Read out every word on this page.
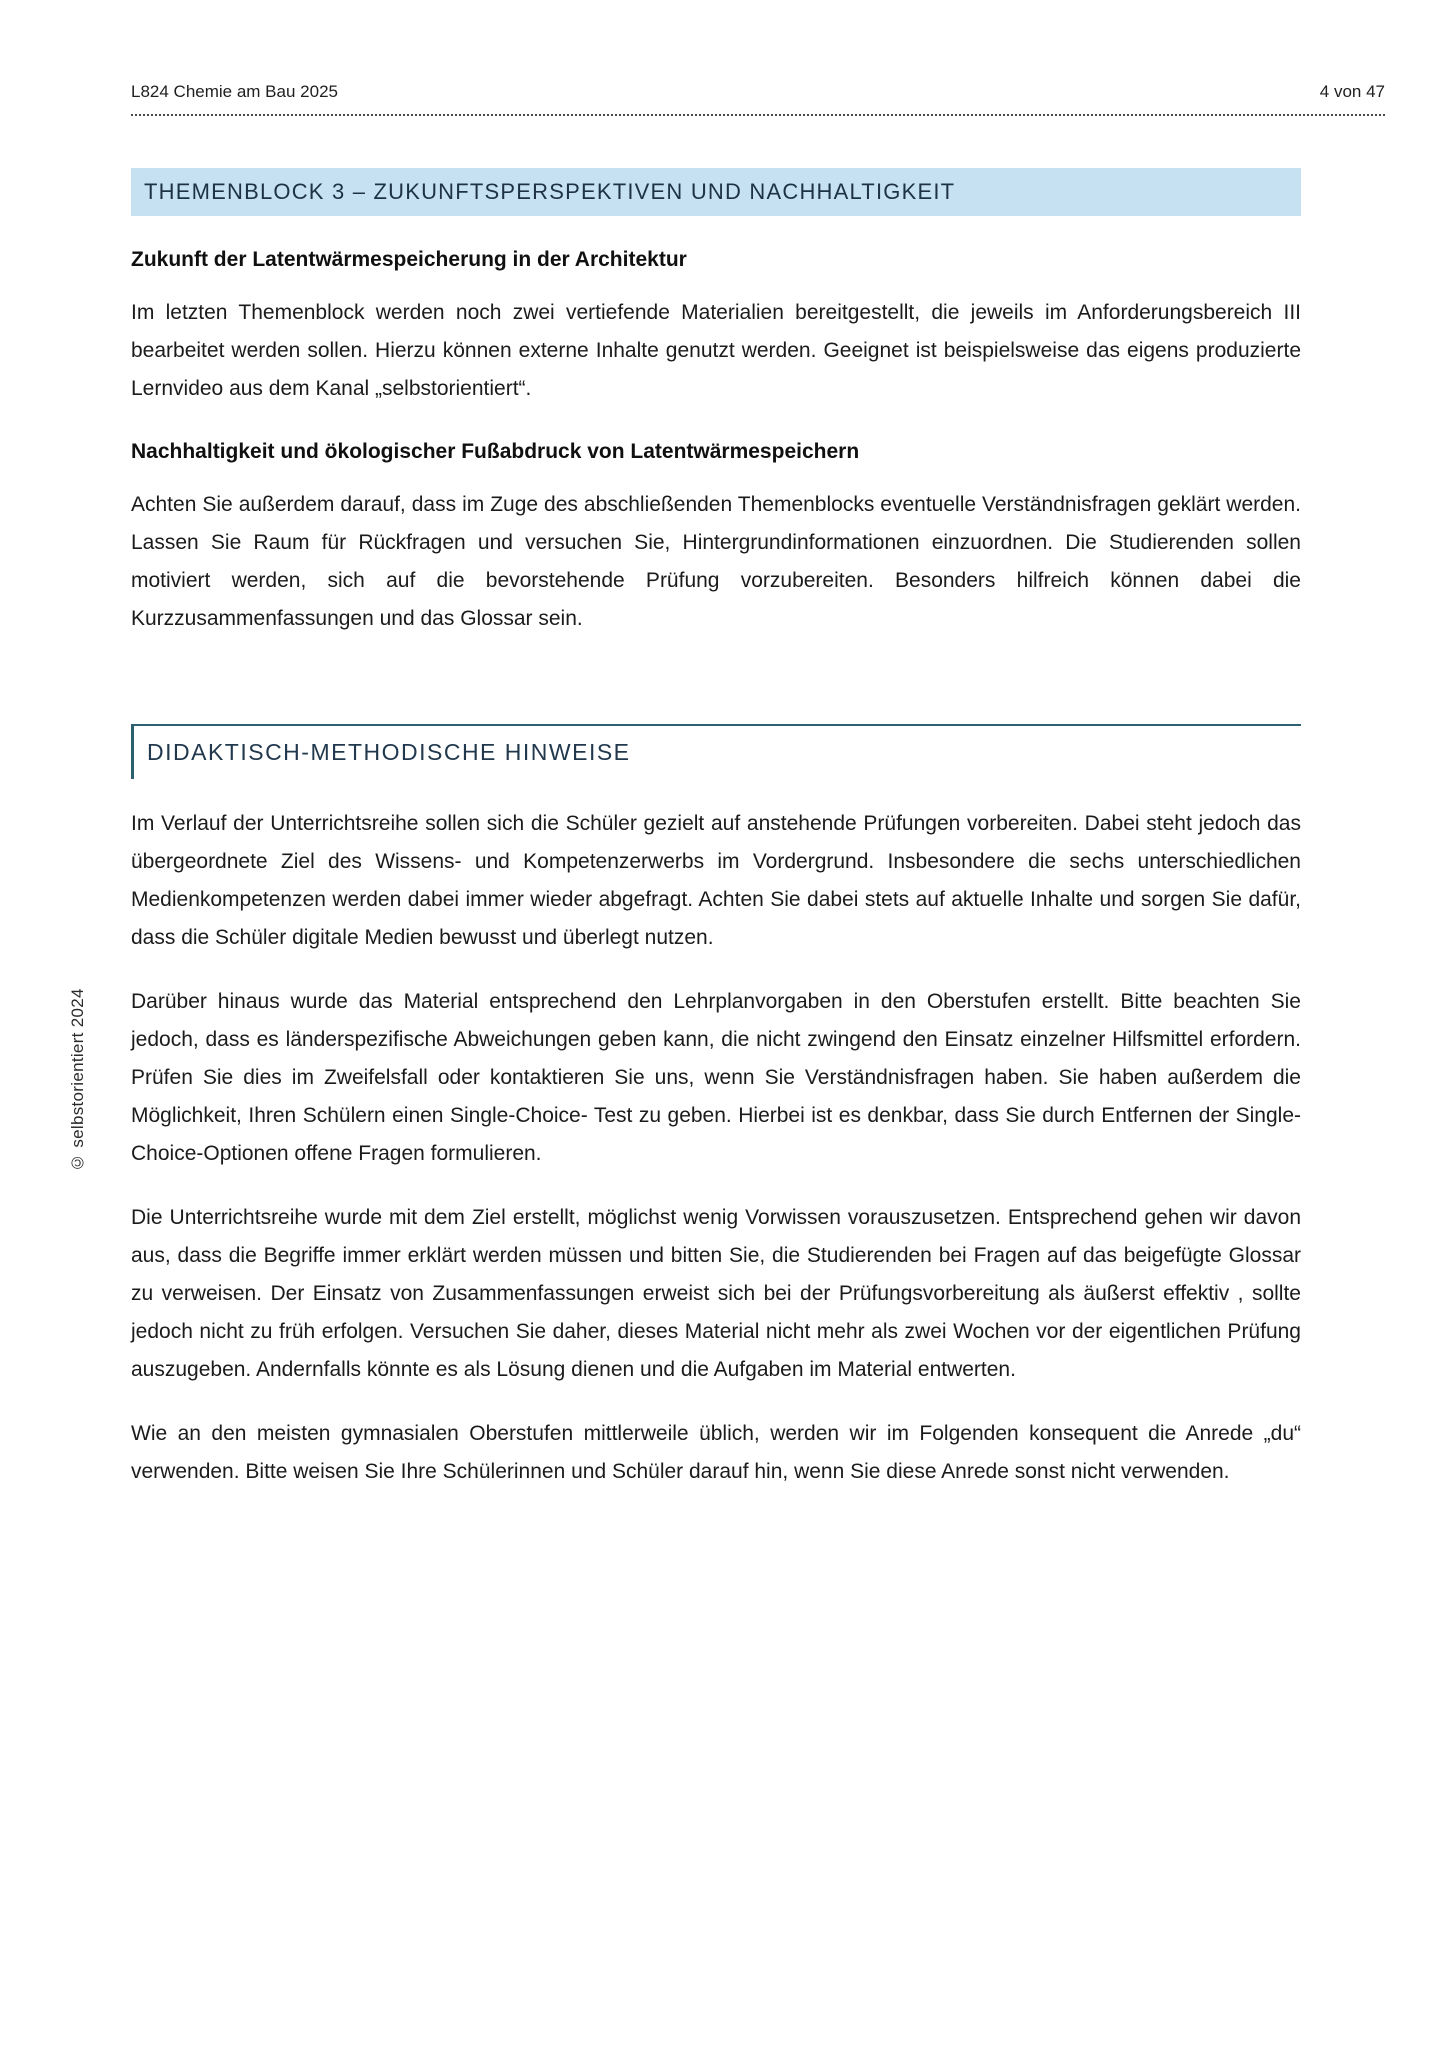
L824 Chemie am Bau 2025	4 von 47
© selbstorientiert 2024
THEMENBLOCK 3 – ZUKUNFTSPERSPEKTIVEN UND NACHHALTIGKEIT
Zukunft der Latentwärmespeicherung in der Architektur

Im letzten Themenblock werden noch zwei vertiefende Materialien bereitgestellt, die jeweils im Anforderungsbereich III bearbeitet werden sollen. Hierzu können externe Inhalte genutzt werden. Geeignet ist beispielsweise das eigens produzierte Lernvideo aus dem Kanal „selbstorientiert“.

Nachhaltigkeit und ökologischer Fußabdruck von Latentwärmespeichern

Achten Sie außerdem darauf, dass im Zuge des abschließenden Themenblocks eventuelle Verständnisfragen geklärt werden. Lassen Sie Raum für Rückfragen und versuchen Sie, Hintergrundinformationen einzuordnen. Die Studierenden sollen motiviert werden, sich auf die bevorstehende Prüfung vorzubereiten. Besonders hilfreich können dabei die Kurzzusammenfassungen und das Glossar sein.

DIDAKTISCH-METHODISCHE HINWEISE

Im Verlauf der Unterrichtsreihe sollen sich die Schüler gezielt auf anstehende Prüfungen vorbereiten. Dabei steht jedoch das übergeordnete Ziel des Wissens- und Kompetenzerwerbs im Vordergrund. Insbesondere die sechs unterschiedlichen Medienkompetenzen werden dabei immer wieder abgefragt. Achten Sie dabei stets auf aktuelle Inhalte und sorgen Sie dafür, dass die Schüler digitale Medien bewusst und überlegt nutzen.

Darüber hinaus wurde das Material entsprechend den Lehrplanvorgaben in den Oberstufen erstellt. Bitte beachten Sie jedoch, dass es länderspezifische Abweichungen geben kann, die nicht zwingend den Einsatz einzelner Hilfsmittel erfordern. Prüfen Sie dies im Zweifelsfall oder kontaktieren Sie uns, wenn Sie Verständnisfragen haben. Sie haben außerdem die Möglichkeit, Ihren Schülern einen Single-Choice- Test zu geben. Hierbei ist es denkbar, dass Sie durch Entfernen der Single-Choice-Optionen offene Fragen formulieren.

Die Unterrichtsreihe wurde mit dem Ziel erstellt, möglichst wenig Vorwissen vorauszusetzen. Entsprechend gehen wir davon aus, dass die Begriffe immer erklärt werden müssen und bitten Sie, die Studierenden bei Fragen auf das beigefügte Glossar zu verweisen. Der Einsatz von Zusammenfassungen erweist sich bei der Prüfungsvorbereitung als äußerst effektiv , sollte jedoch nicht zu früh erfolgen. Versuchen Sie daher, dieses Material nicht mehr als zwei Wochen vor der eigentlichen Prüfung auszugeben. Andernfalls könnte es als Lösung dienen und die Aufgaben im Material entwerten.

Wie an den meisten gymnasialen Oberstufen mittlerweile üblich, werden wir im Folgenden konsequent die Anrede „du“ verwenden. Bitte weisen Sie Ihre Schülerinnen und Schüler darauf hin, wenn Sie diese Anrede sonst nicht verwenden.
